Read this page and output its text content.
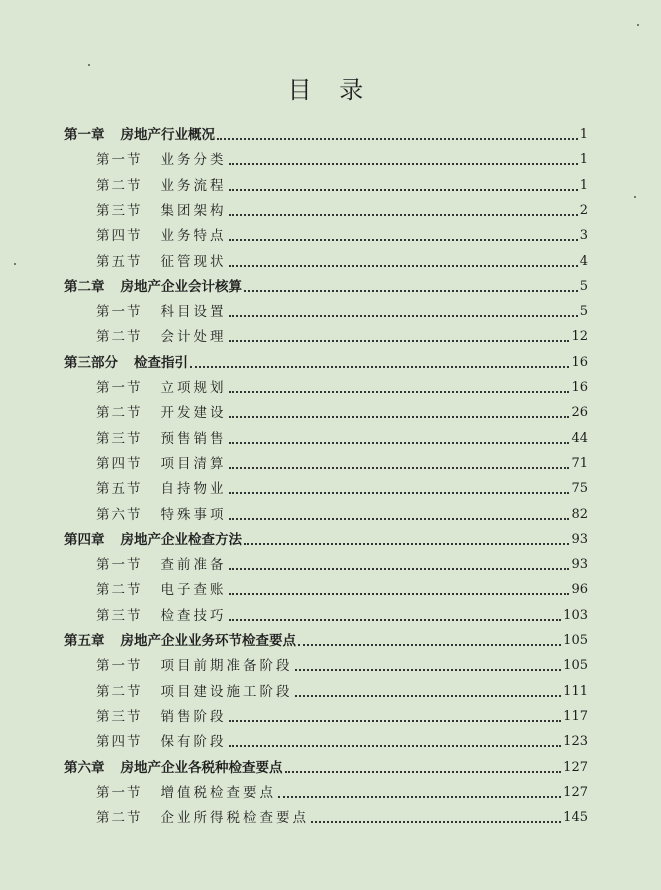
目 录
第一章 房地产行业概况	1
第一节 业务分类	1
第二节 业务流程	1
第三节 集团架构	2
第四节 业务特点	3
第五节 征管现状	4
第二章 房地产企业会计核算	5
第一节 科目设置	5
第二节 会计处理	12
第三部分 检查指引	16
第一节 立项规划	16
第二节 开发建设	26
第三节 预售销售	44
第四节 项目清算	71
第五节 自持物业	75
第六节 特殊事项	82
第四章 房地产企业检查方法	93
第一节 查前准备	93
第二节 电子查账	96
第三节 检查技巧	103
第五章 房地产企业业务环节检查要点	105
第一节 项目前期准备阶段	105
第二节 项目建设施工阶段	111
第三节 销售阶段	117
第四节 保有阶段	123
第六章 房地产企业各税种检查要点	127
第一节 增值税检查要点	127
第二节 企业所得税检查要点	145
